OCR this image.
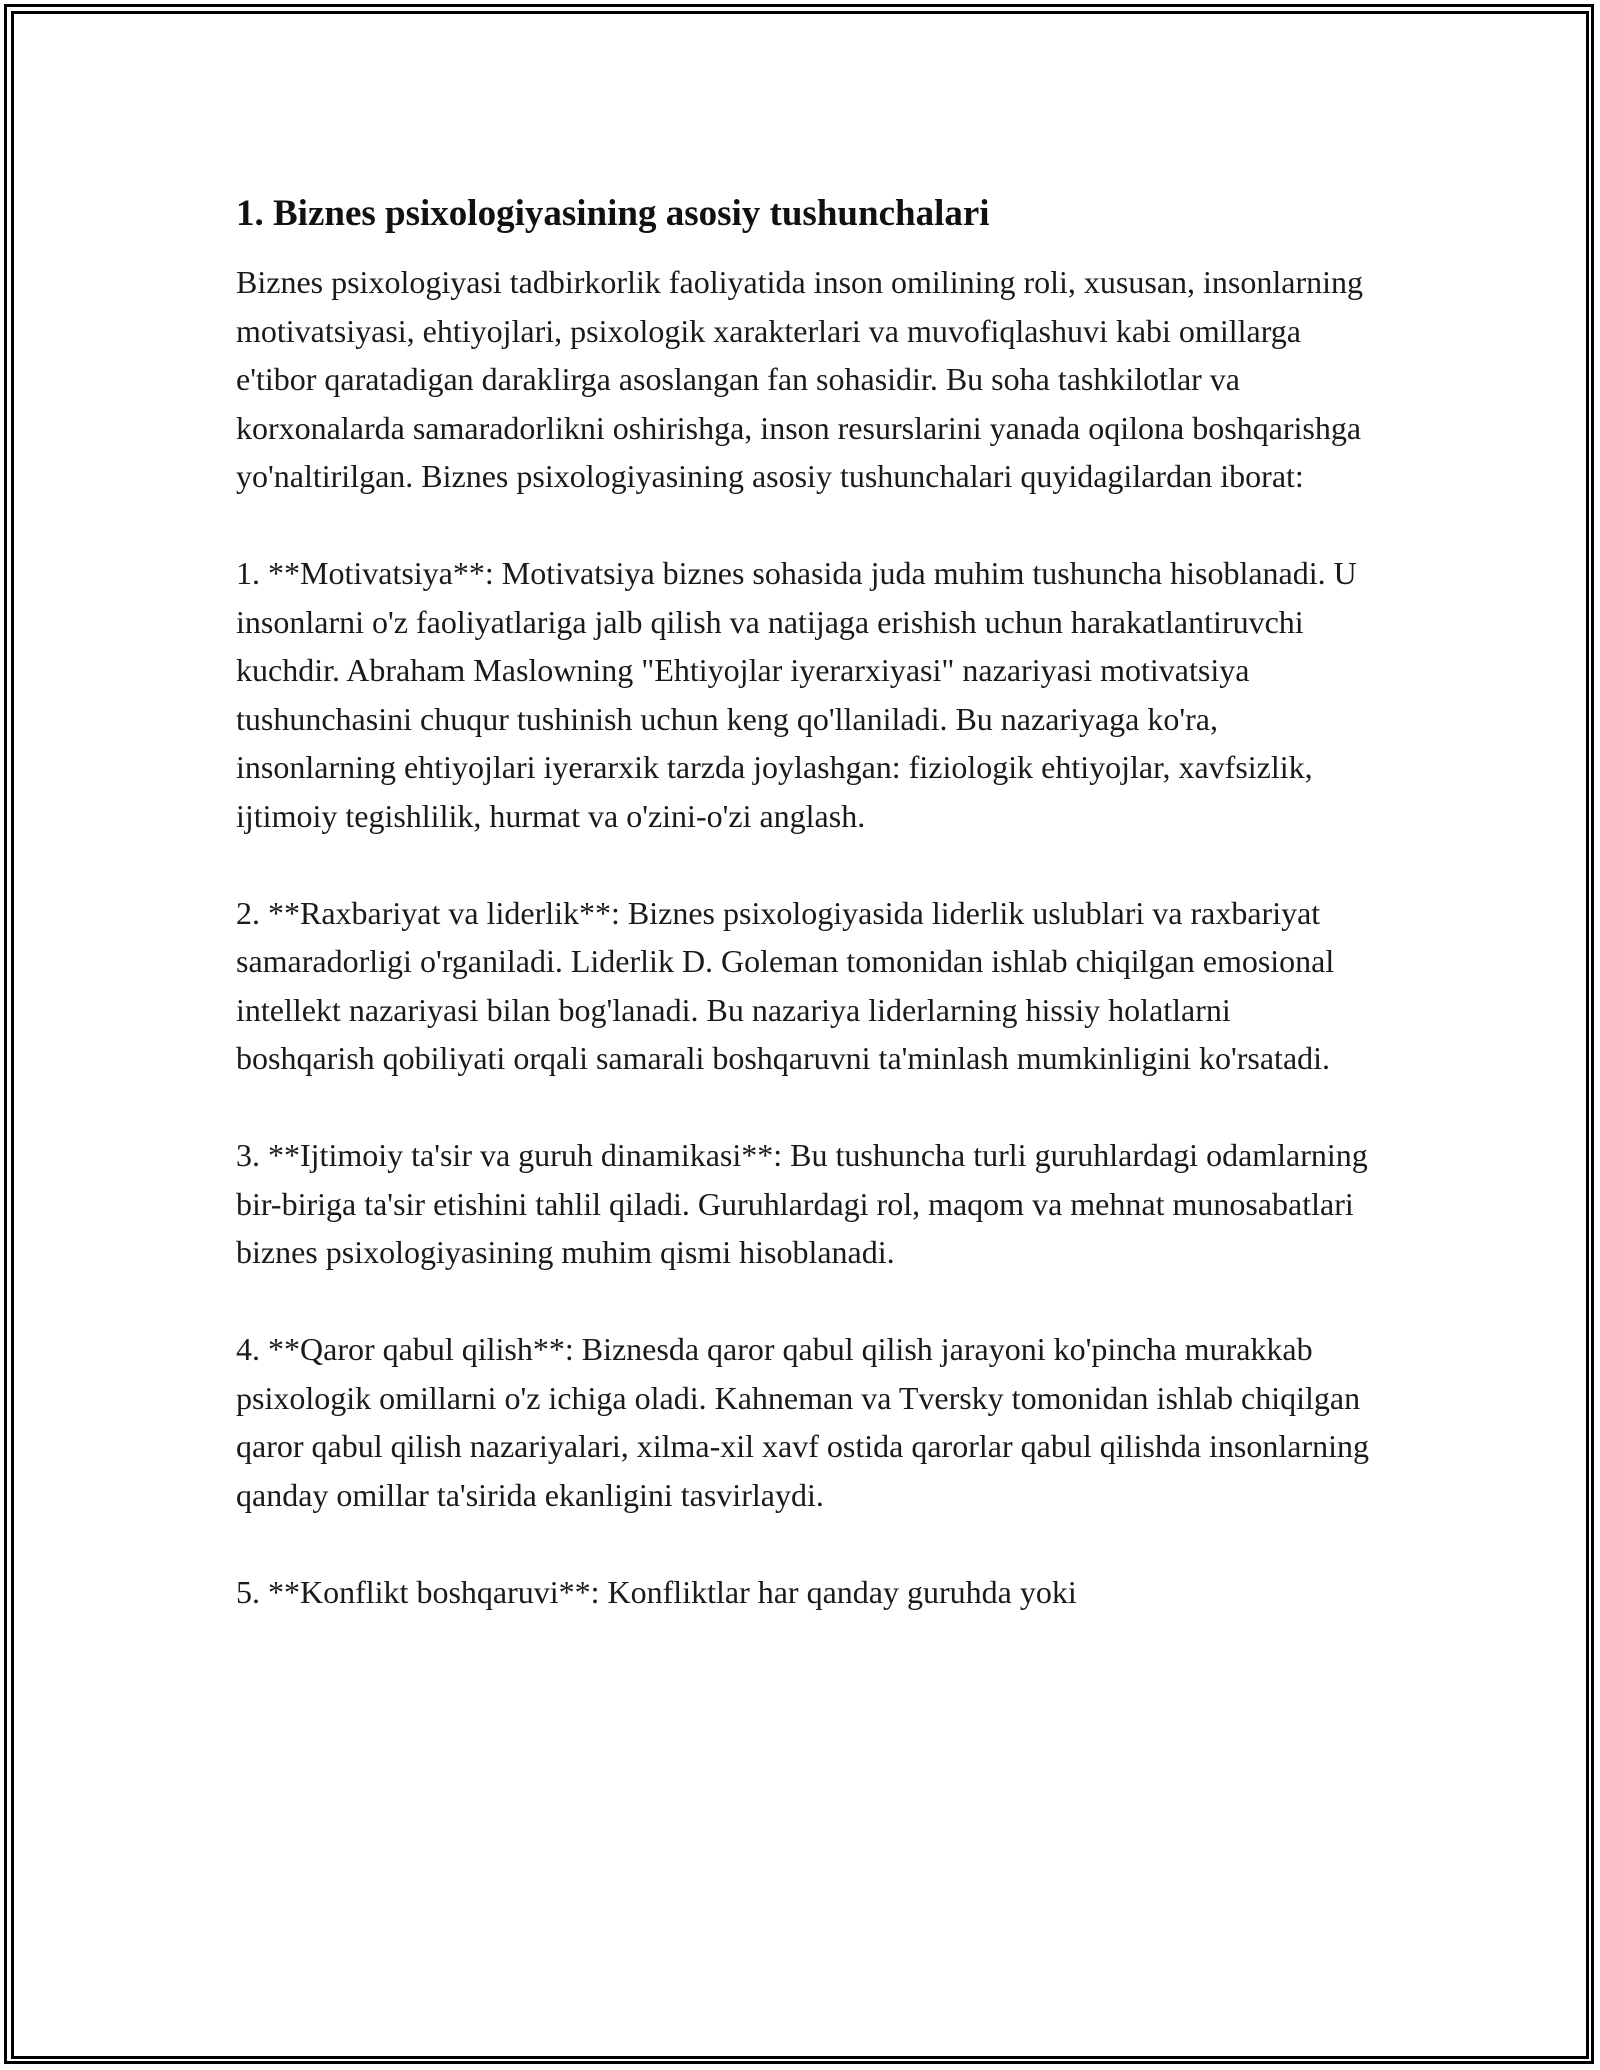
1. Biznes psixologiyasining asosiy tushunchalari

Biznes psixologiyasi tadbirkorlik faoliyatida inson omilining roli, xususan, insonlarning motivatsiyasi, ehtiyojlari, psixologik xarakterlari va muvofiqlashuvi kabi omillarga e'tibor qaratadigan daraklirga asoslangan fan sohasidir. Bu soha tashkilotlar va korxonalarda samaradorlikni oshirishga, inson resurslarini yanada oqilona boshqarishga yo'naltirilgan. Biznes psixologiyasining asosiy tushunchalari quyidagilardan iborat:

1. **Motivatsiya**: Motivatsiya biznes sohasida juda muhim tushuncha hisoblanadi. U insonlarni o'z faoliyatlariga jalb qilish va natijaga erishish uchun harakatlantiruvchi kuchdir. Abraham Maslowning "Ehtiyojlar iyerarxiyasi" nazariyasi motivatsiya tushunchasini chuqur tushinish uchun keng qo'llaniladi. Bu nazariyaga ko'ra, insonlarning ehtiyojlari iyerarxik tarzda joylashgan: fiziologik ehtiyojlar, xavfsizlik, ijtimoiy tegishlilik, hurmat va o'zini-o'zi anglash.

2. **Raxbariyat va liderlik**: Biznes psixologiyasida liderlik uslublari va raxbariyat samaradorligi o'rganiladi. Liderlik D. Goleman tomonidan ishlab chiqilgan emosional intellekt nazariyasi bilan bog'lanadi. Bu nazariya liderlarning hissiy holatlarni boshqarish qobiliyati orqali samarali boshqaruvni ta'minlash mumkinligini ko'rsatadi.

3. **Ijtimoiy ta'sir va guruh dinamikasi**: Bu tushuncha turli guruhlardagi odamlarning bir-biriga ta'sir etishini tahlil qiladi. Guruhlardagi rol, maqom va mehnat munosabatlari biznes psixologiyasining muhim qismi hisoblanadi.

4. **Qaror qabul qilish**: Biznesda qaror qabul qilish jarayoni ko'pincha murakkab psixologik omillarni o'z ichiga oladi. Kahneman va Tversky tomonidan ishlab chiqilgan qaror qabul qilish nazariyalari, xilma-xil xavf ostida qarorlar qabul qilishda insonlarning qanday omillar ta'sirida ekanligini tasvirlaydi.

5. **Konflikt boshqaruvi**: Konfliktlar har qanday guruhda yoki
